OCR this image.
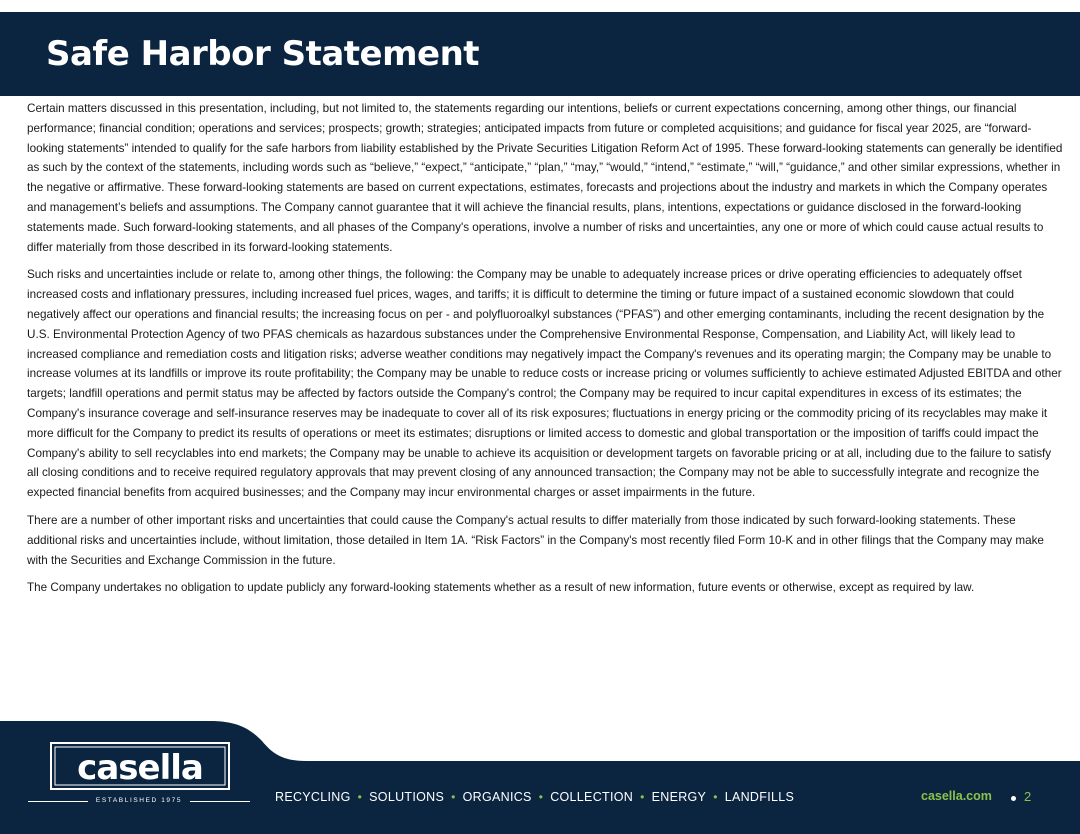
Safe Harbor Statement

Certain matters discussed in this presentation, including, but not limited to, the statements regarding our intentions, beliefs or current expectations concerning, among other things, our financial performance; financial condition; operations and services; prospects; growth; strategies; anticipated impacts from future or completed acquisitions; and guidance for fiscal year 2025, are “forward-looking statements” intended to qualify for the safe harbors from liability established by the Private Securities Litigation Reform Act of 1995. These forward-looking statements can generally be identified as such by the context of the statements, including words such as “believe,” “expect,” “anticipate,” “plan,” “may,” “would,” “intend,” “estimate,” “will,” “guidance,” and other similar expressions, whether in the negative or affirmative. These forward-looking statements are based on current expectations, estimates, forecasts and projections about the industry and markets in which the Company operates and management’s beliefs and assumptions. The Company cannot guarantee that it will achieve the financial results, plans, intentions, expectations or guidance disclosed in the forward-looking statements made. Such forward-looking statements, and all phases of the Company's operations, involve a number of risks and uncertainties, any one or more of which could cause actual results to differ materially from those described in its forward-looking statements.

Such risks and uncertainties include or relate to, among other things, the following: the Company may be unable to adequately increase prices or drive operating efficiencies to adequately offset increased costs and inflationary pressures, including increased fuel prices, wages, and tariffs; it is difficult to determine the timing or future impact of a sustained economic slowdown that could negatively affect our operations and financial results; the increasing focus on per - and polyfluoroalkyl substances (“PFAS”) and other emerging contaminants, including the recent designation by the U.S. Environmental Protection Agency of two PFAS chemicals as hazardous substances under the Comprehensive Environmental Response, Compensation, and Liability Act, will likely lead to increased compliance and remediation costs and litigation risks; adverse weather conditions may negatively impact the Company's revenues and its operating margin; the Company may be unable to increase volumes at its landfills or improve its route profitability; the Company may be unable to reduce costs or increase pricing or volumes sufficiently to achieve estimated Adjusted EBITDA and other targets; landfill operations and permit status may be affected by factors outside the Company's control; the Company may be required to incur capital expenditures in excess of its estimates; the Company's insurance coverage and self-insurance reserves may be inadequate to cover all of its risk exposures; fluctuations in energy pricing or the commodity pricing of its recyclables may make it more difficult for the Company to predict its results of operations or meet its estimates; disruptions or limited access to domestic and global transportation or the imposition of tariffs could impact the Company's ability to sell recyclables into end markets; the Company may be unable to achieve its acquisition or development targets on favorable pricing or at all, including due to the failure to satisfy all closing conditions and to receive required regulatory approvals that may prevent closing of any announced transaction; the Company may not be able to successfully integrate and recognize the expected financial benefits from acquired businesses; and the Company may incur environmental charges or asset impairments in the future.

There are a number of other important risks and uncertainties that could cause the Company's actual results to differ materially from those indicated by such forward-looking statements. These additional risks and uncertainties include, without limitation, those detailed in Item 1A. “Risk Factors” in the Company's most recently filed Form 10-K and in other filings that the Company may make with the Securities and Exchange Commission in the future.

The Company undertakes no obligation to update publicly any forward-looking statements whether as a result of new information, future events or otherwise, except as required by law.

casella
ESTABLISHED 1975	RECYCLING • SOLUTIONS • ORGANICS • COLLECTION • ENERGY • LANDFILLS	casella.com 2
